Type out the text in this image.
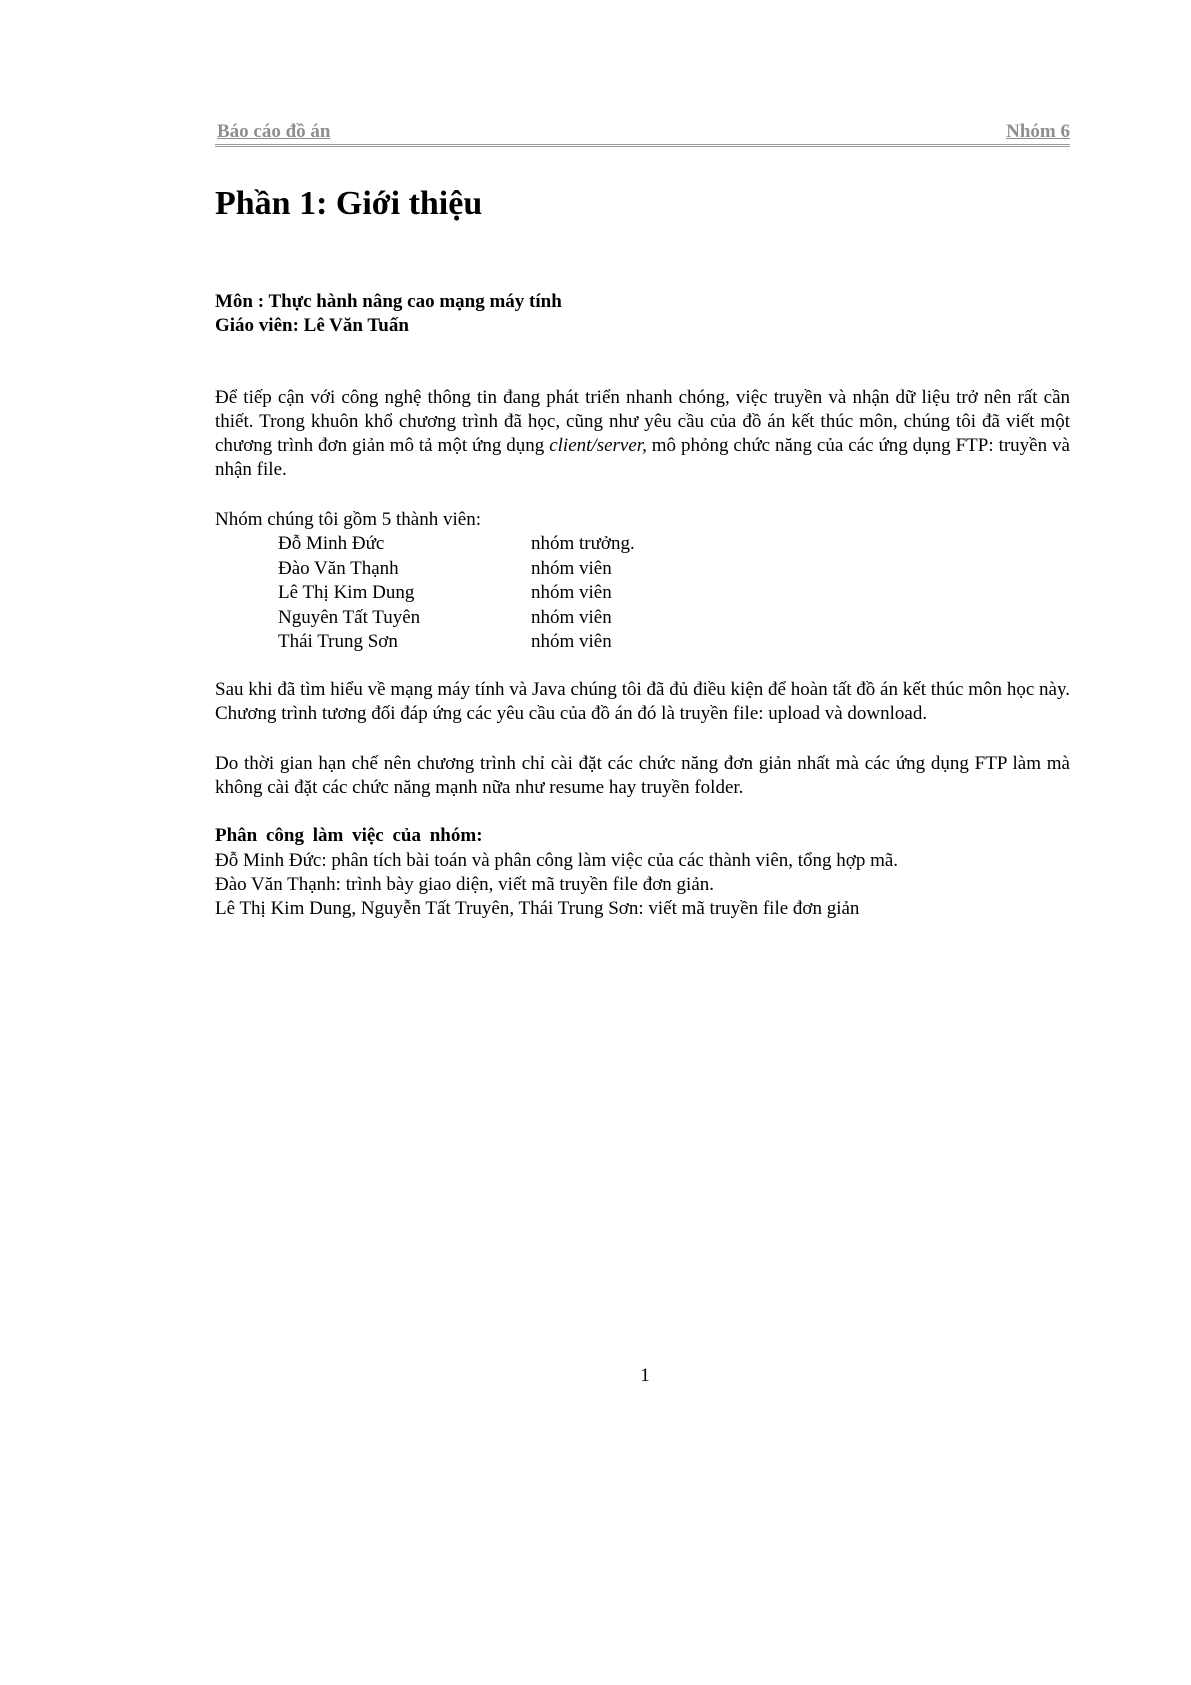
Báo cáo đồ án	Nhóm 6
Phần 1: Giới thiệu
Môn : Thực hành nâng cao mạng máy tính
Giáo viên: Lê Văn Tuấn

Để tiếp cận với công nghệ thông tin đang phát triển nhanh chóng, việc truyền và nhận dữ liệu trở nên rất cần thiết. Trong khuôn khổ chương trình đã học, cũng như yêu cầu của đồ án kết thúc môn, chúng tôi đã viết một chương trình đơn giản mô tả một ứng dụng client/server, mô phỏng chức năng của các ứng dụng FTP: truyền và nhận file.

Nhóm chúng tôi gồm 5 thành viên:

Đỗ Minh Đức	nhóm trưởng.
Đào Văn Thạnh	nhóm viên
Lê Thị Kim Dung	nhóm viên
Nguyên Tất Tuyên	nhóm viên
Thái Trung Sơn	nhóm viên

Sau khi đã tìm hiểu về mạng máy tính và Java chúng tôi đã đủ điều kiện để hoàn tất đồ án kết thúc môn học này. Chương trình tương đối đáp ứng các yêu cầu của đồ án đó là truyền file: upload và download.

Do thời gian hạn chế nên chương trình chỉ cài đặt các chức năng đơn giản nhất mà các ứng dụng FTP làm mà không cài đặt các chức năng mạnh nữa như resume hay truyền folder.

Phân công làm việc của nhóm:
Đỗ Minh Đức: phân tích bài toán và phân công làm việc của các thành viên, tổng hợp mã.
Đào Văn Thạnh: trình bày giao diện, viết mã truyền file đơn giản.
Lê Thị Kim Dung, Nguyễn Tất Truyên, Thái Trung Sơn: viết mã truyền file đơn giản
1
